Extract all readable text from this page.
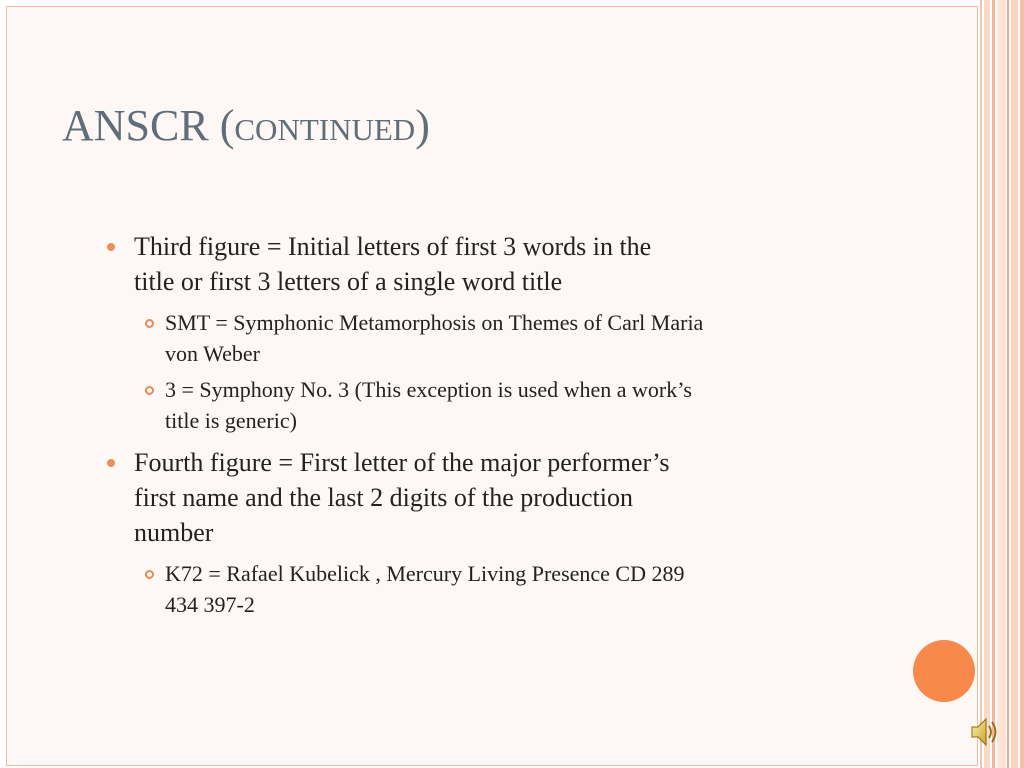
ANSCR (continued)
Third figure = Initial letters of first 3 words in the
title or first 3 letters of a single word title
SMT = Symphonic Metamorphosis on Themes of Carl Maria
von Weber
3 = Symphony No. 3 (This exception is used when a work’s
title is generic)
Fourth figure = First letter of the major performer’s
first name and the last 2 digits of the production
number
K72 = Rafael Kubelick , Mercury Living Presence CD 289
434 397-2
